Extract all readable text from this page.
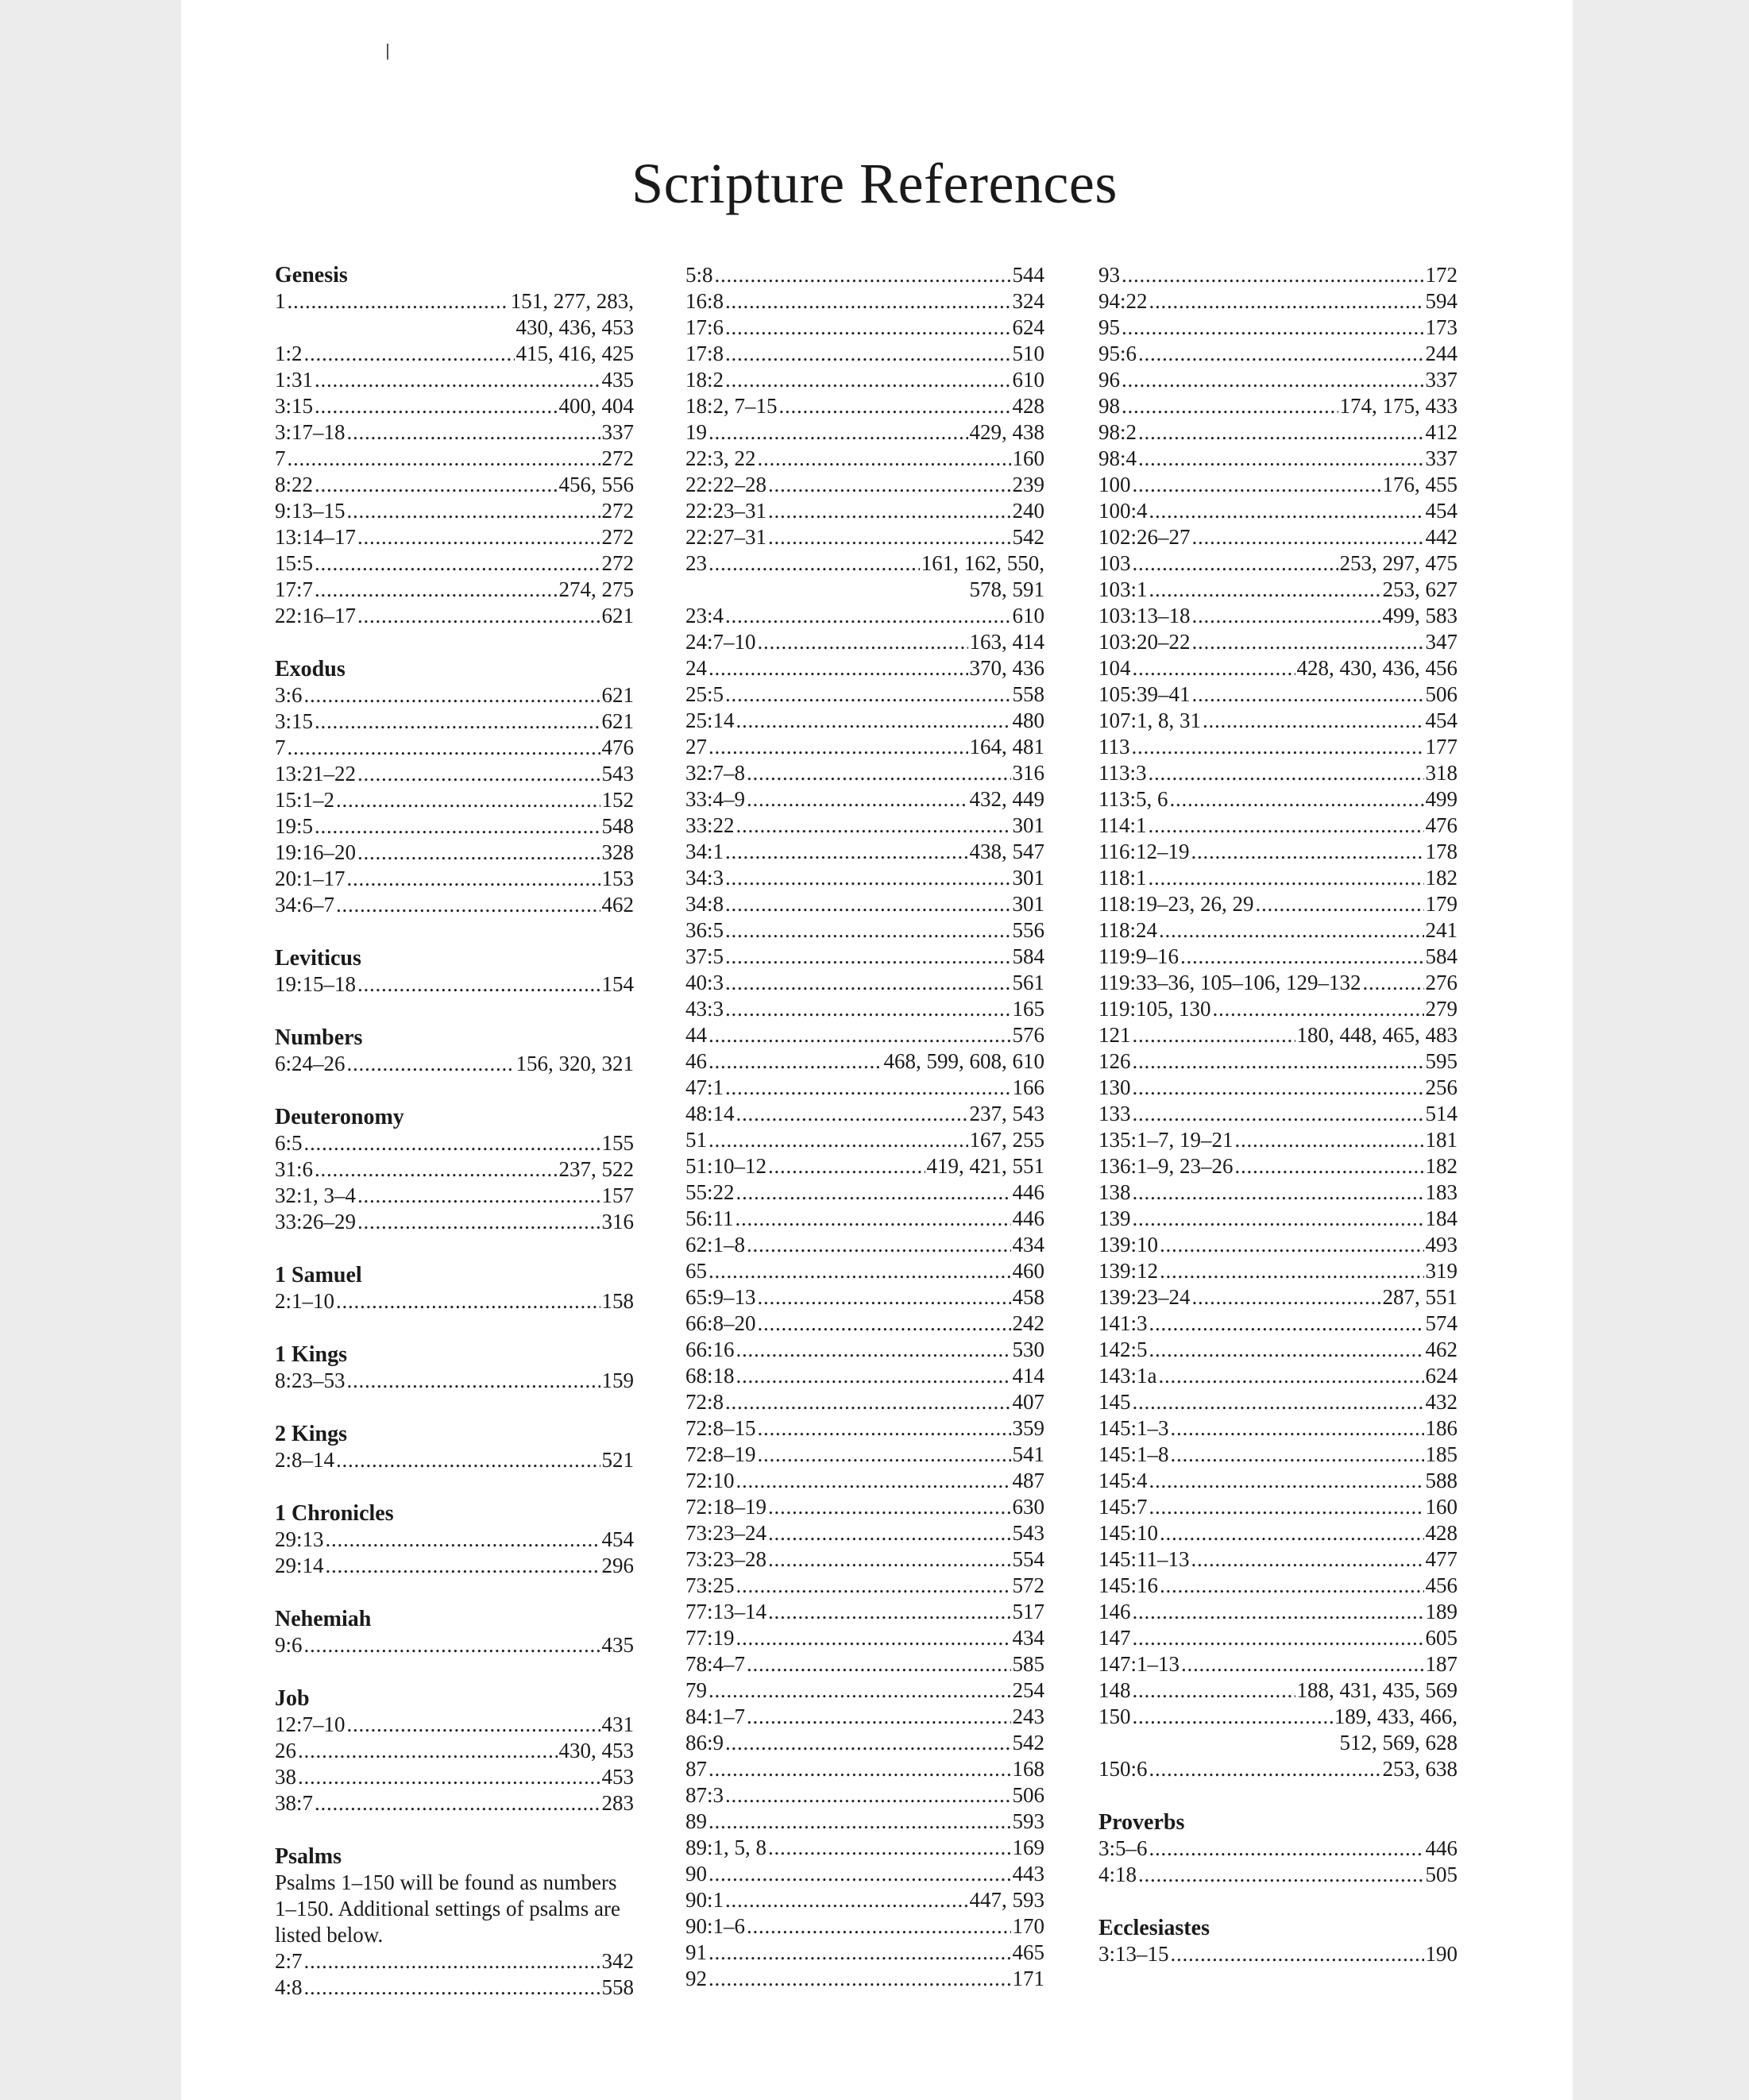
Scripture References
Genesis
1 . . .	151, 277, 283,
430, 436, 453
1:2 . . .	415, 416, 425
1:31 . . .	435
3:15 . . .	400, 404
3:17–18 . . .	337
7 . . .	272
8:22 . . .	456, 556
9:13–15 . . .	272
13:14–17 . . .	272
15:5 . . .	272
17:7 . . .	274, 275
22:16–17 . . .	621
Exodus
3:6 . . .	621
3:15 . . .	621
7 . . .	476
13:21–22 . . .	543
15:1–2 . . .	152
19:5 . . .	548
19:16–20 . . .	328
20:1–17 . . .	153
34:6–7 . . .	462
Leviticus
19:15–18 . . .	154
Numbers
6:24–26 . . .	156, 320, 321
Deuteronomy
6:5 . . .	155
31:6 . . .	237, 522
32:1, 3–4 . . .	157
33:26–29 . . .	316
1 Samuel
2:1–10 . . .	158
1 Kings
8:23–53 . . .	159
2 Kings
2:8–14 . . .	521
1 Chronicles
29:13 . . .	454
29:14 . . .	296
Nehemiah
9:6 . . .	435
Job
12:7–10 . . .	431
26 . . .	430, 453
38 . . .	453
38:7 . . .	283
Psalms
Psalms 1–150 will be found as numbers 1–150. Additional settings of psalms are listed below.
2:7 . . .	342
4:8 . . .	558
5:8 . . .	544
16:8 . . .	324
17:6 . . .	624
17:8 . . .	510
18:2 . . .	610
18:2, 7–15 . . .	428
19 . . .	429, 438
22:3, 22 . . .	160
22:22–28 . . .	239
22:23–31 . . .	240
22:27–31 . . .	542
23 . . .	161, 162, 550,
578, 591
23:4 . . .	610
24:7–10 . . .	163, 414
24 . . .	370, 436
25:5 . . .	558
25:14 . . .	480
27 . . .	164, 481
32:7–8 . . .	316
33:4–9 . . .	432, 449
33:22 . . .	301
34:1 . . .	438, 547
34:3 . . .	301
34:8 . . .	301
36:5 . . .	556
37:5 . . .	584
40:3 . . .	561
43:3 . . .	165
44 . . .	576
46 . . .	468, 599, 608, 610
47:1 . . .	166
48:14 . . .	237, 543
51 . . .	167, 255
51:10–12 . . .	419, 421, 551
55:22 . . .	446
56:11 . . .	446
62:1–8 . . .	434
65 . . .	460
65:9–13 . . .	458
66:8–20 . . .	242
66:16 . . .	530
68:18 . . .	414
72:8 . . .	407
72:8–15 . . .	359
72:8–19 . . .	541
72:10 . . .	487
72:18–19 . . .	630
73:23–24 . . .	543
73:23–28 . . .	554
73:25 . . .	572
77:13–14 . . .	517
77:19 . . .	434
78:4–7 . . .	585
79 . . .	254
84:1–7 . . .	243
86:9 . . .	542
87 . . .	168
87:3 . . .	506
89 . . .	593
89:1, 5, 8 . . .	169
90 . . .	443
90:1 . . .	447, 593
90:1–6 . . .	170
91 . . .	465
92 . . .	171
93 . . .	172
94:22 . . .	594
95 . . .	173
95:6 . . .	244
96 . . .	337
98 . . .	174, 175, 433
98:2 . . .	412
98:4 . . .	337
100 . . .	176, 455
100:4 . . .	454
102:26–27 . . .	442
103 . . .	253, 297, 475
103:1 . . .	253, 627
103:13–18 . . .	499, 583
103:20–22 . . .	347
104 . . .	428, 430, 436, 456
105:39–41 . . .	506
107:1, 8, 31 . . .	454
113 . . .	177
113:3 . . .	318
113:5, 6 . . .	499
114:1 . . .	476
116:12–19 . . .	178
118:1 . . .	182
118:19–23, 26, 29 . . .	179
118:24 . . .	241
119:9–16 . . .	584
119:33–36, 105–106, 129–132 . . .	276
119:105, 130 . . .	279
121 . . .	180, 448, 465, 483
126 . . .	595
130 . . .	256
133 . . .	514
135:1–7, 19–21 . . .	181
136:1–9, 23–26 . . .	182
138 . . .	183
139 . . .	184
139:10 . . .	493
139:12 . . .	319
139:23–24 . . .	287, 551
141:3 . . .	574
142:5 . . .	462
143:1a . . .	624
145 . . .	432
145:1–3 . . .	186
145:1–8 . . .	185
145:4 . . .	588
145:7 . . .	160
145:10 . . .	428
145:11–13 . . .	477
145:16 . . .	456
146 . . .	189
147 . . .	605
147:1–13 . . .	187
148 . . .	188, 431, 435, 569
150 . . .	189, 433, 466,
512, 569, 628
150:6 . . .	253, 638
Proverbs
3:5–6 . . .	446
4:18 . . .	505
Ecclesiastes
3:13–15 . . .	190
